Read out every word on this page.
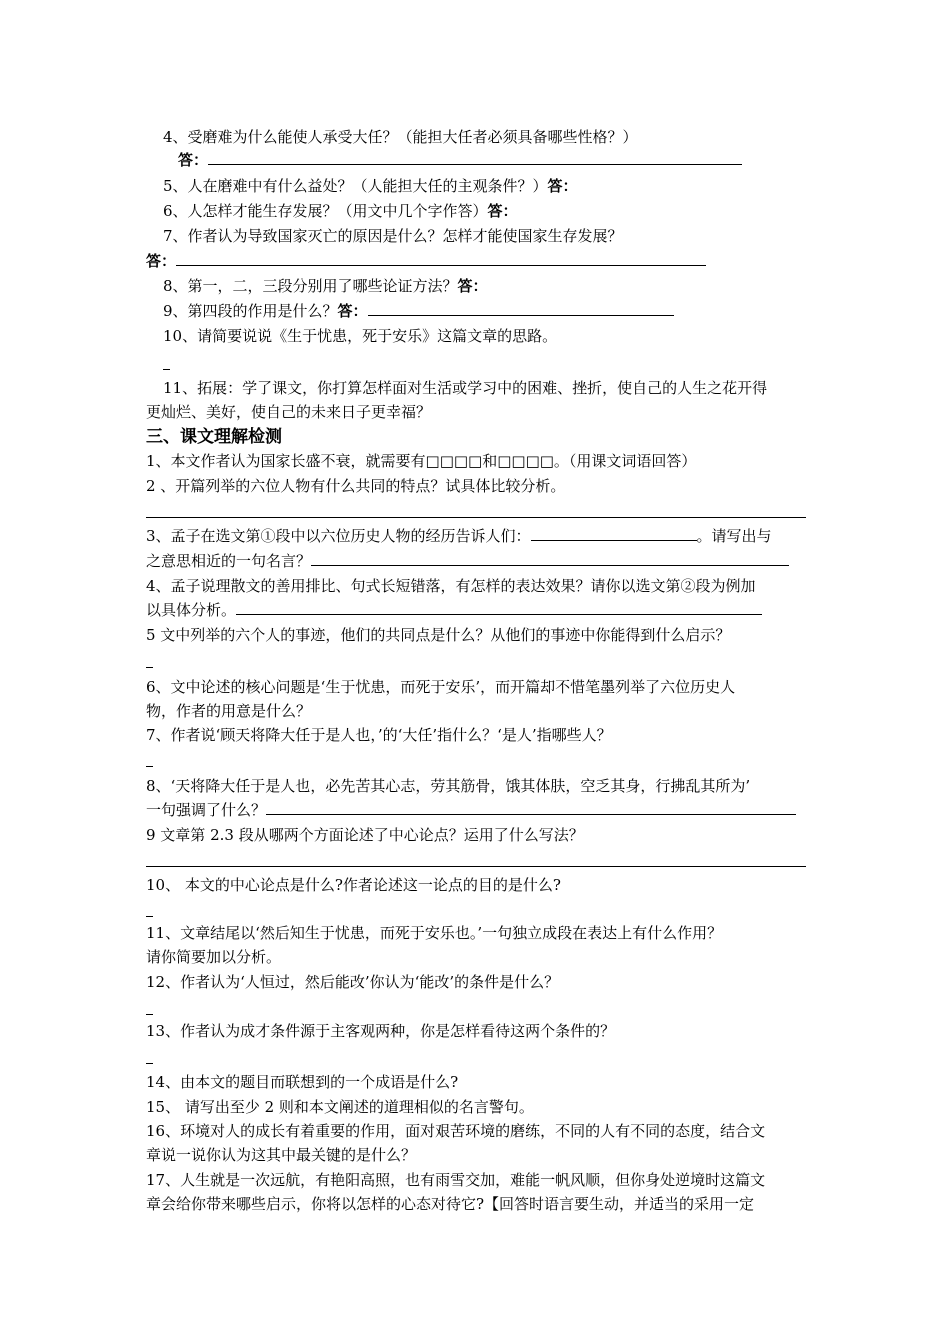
4、受磨难为什么能使人承受大任？（能担大任者必须具备哪些性格？）
答：
5、人在磨难中有什么益处？（人能担大任的主观条件？）答：
6、人怎样才能生存发展？（用文中几个字作答）答：
7、作者认为导致国家灭亡的原因是什么？怎样才能使国家生存发展？
答：
8、第一，二，三段分别用了哪些论证方法？答：
9、第四段的作用是什么？答：
10、请简要说说《生于忧患，死于安乐》这篇文章的思路。
11、拓展：学了课文，你打算怎样面对生活或学习中的困难、挫折，使自己的人生之花开得
更灿烂、美好，使自己的未来日子更幸福？
三、课文理解检测
1、本文作者认为国家长盛不衰，就需要有□□□□和□□□□。（用课文词语回答）
2 、开篇列举的六位人物有什么共同的特点？试具体比较分析。
3、孟子在选文第①段中以六位历史人物的经历告诉人们：	。请写出与
之意思相近的一句名言？
4、孟子说理散文的善用排比、句式长短错落，有怎样的表达效果？请你以选文第②段为例加
以具体分析。
5 文中列举的六个人的事迹，他们的共同点是什么？从他们的事迹中你能得到什么启示？
6、文中论述的核心问题是‘生于忧患，而死于安乐’，而开篇却不惜笔墨列举了六位历史人
物，作者的用意是什么？
7、作者说‘顾天将降大任于是人也，’的‘大任’指什么？‘是人’指哪些人？
8、‘天将降大任于是人也，必先苦其心志，劳其筋骨，饿其体肤，空乏其身，行拂乱其所为’
一句强调了什么？
9 文章第 2.3 段从哪两个方面论述了中心论点？运用了什么写法？
10、 本文的中心论点是什么?作者论述这一论点的目的是什么?
11、文章结尾以‘然后知生于忧患，而死于安乐也。’一句独立成段在表达上有什么作用？
请你简要加以分析。
12、作者认为‘人恒过，然后能改’你认为‘能改’的条件是什么？
13、作者认为成才条件源于主客观两种，你是怎样看待这两个条件的？
14、由本文的题目而联想到的一个成语是什么?
15、 请写出至少 2 则和本文阐述的道理相似的名言警句。
16、环境对人的成长有着重要的作用，面对艰苦环境的磨练，不同的人有不同的态度，结合文
章说一说你认为这其中最关键的是什么？
17、人生就是一次远航，有艳阳高照，也有雨雪交加，难能一帆风顺，但你身处逆境时这篇文
章会给你带来哪些启示，你将以怎样的心态对待它?【回答时语言要生动，并适当的采用一定
